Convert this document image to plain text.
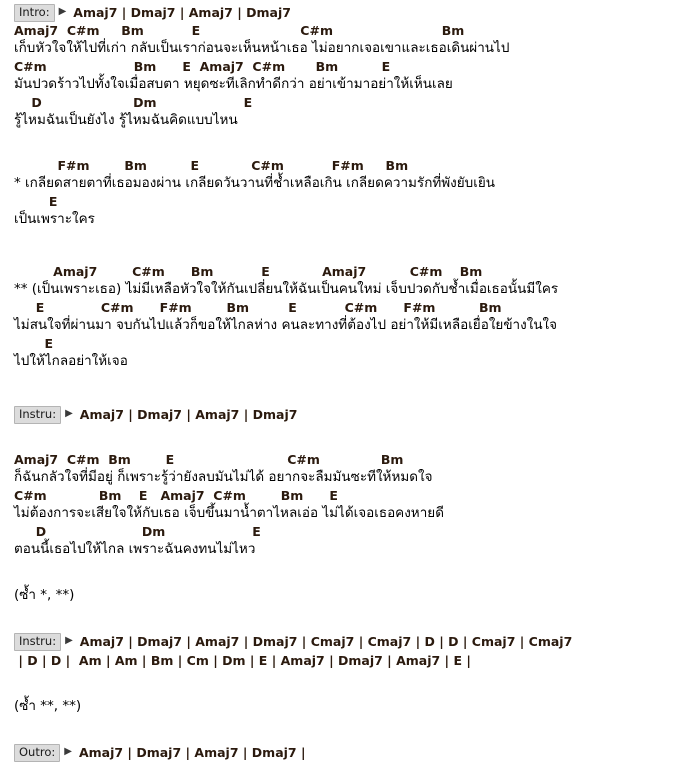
Intro: ▶ Amaj7 | Dmaj7 | Amaj7 | Dmaj7
Amaj7  C#m     Bm           E                       C#m                         Bm
เก็บหัวใจให้ไปที่เก่า กลับเป็นเราก่อนจะเห็นหน้าเธอ ไม่อยากเจอเขาและเธอเดินผ่านไป
C#m                    Bm      E  Amaj7  C#m       Bm          E
มันปวดร้าวไปทั้งใจเมื่อสบตา หยุดซะทีเลิกทำดีกว่า อย่าเข้ามาอย่าให้เห็นเลย
D                     Dm                    E
รู้ไหมฉันเป็นยังไง รู้ไหมฉันคิดแบบไหน
F#m        Bm          E            C#m           F#m     Bm
* เกลียดสายตาที่เธอมองผ่าน เกลียดวันวานที่ช้ำเหลือเกิน เกลียดความรักที่พังยับเยิน
E
เป็นเพราะใคร
Amaj7        C#m      Bm           E            Amaj7          C#m    Bm
** (เป็นเพราะเธอ) ไม่มีเหลือหัวใจให้กันเปลี่ยนให้ฉันเป็นคนใหม่ เจ็บปวดกับช้ำเมื่อเธอนั้นมีใคร
E             C#m      F#m        Bm         E           C#m      F#m          Bm
ไม่สนใจที่ผ่านมา จบกันไปแล้วก็ขอให้ไกลห่าง คนละทางที่ต้องไป อย่าให้มีเหลือเยื่อใยข้างในใจ
E
ไปให้ไกลอย่าให้เจอ
Instru: ▶ Amaj7 | Dmaj7 | Amaj7 | Dmaj7
Amaj7  C#m  Bm        E                          C#m              Bm
ก็ฉันกลัวใจที่มีอยู่ ก็เพราะรู้ว่ายังลบมันไม่ได้ อยากจะลืมมันซะทีให้หมดใจ
C#m            Bm    E   Amaj7  C#m        Bm      E
ไม่ต้องการจะเสียใจให้กับเธอ เจ็บขึ้นมาน้ำตาไหลเอ่อ ไม่ได้เจอเธอคงหายดี
D                      Dm                    E
ตอนนี้เธอไปให้ไกล เพราะฉันคงทนไม่ไหว
(ซ้ำ *, **)
Instru: ▶ Amaj7 | Dmaj7 | Amaj7 | Dmaj7 | Cmaj7 | Cmaj7 | D | D | Cmaj7 | Cmaj7
| D | D |  Am | Am | Bm | Cm | Dm | E | Amaj7 | Dmaj7 | Amaj7 | E |
(ซ้ำ **, **)
Outro: ▶ Amaj7 | Dmaj7 | Amaj7 | Dmaj7 |
